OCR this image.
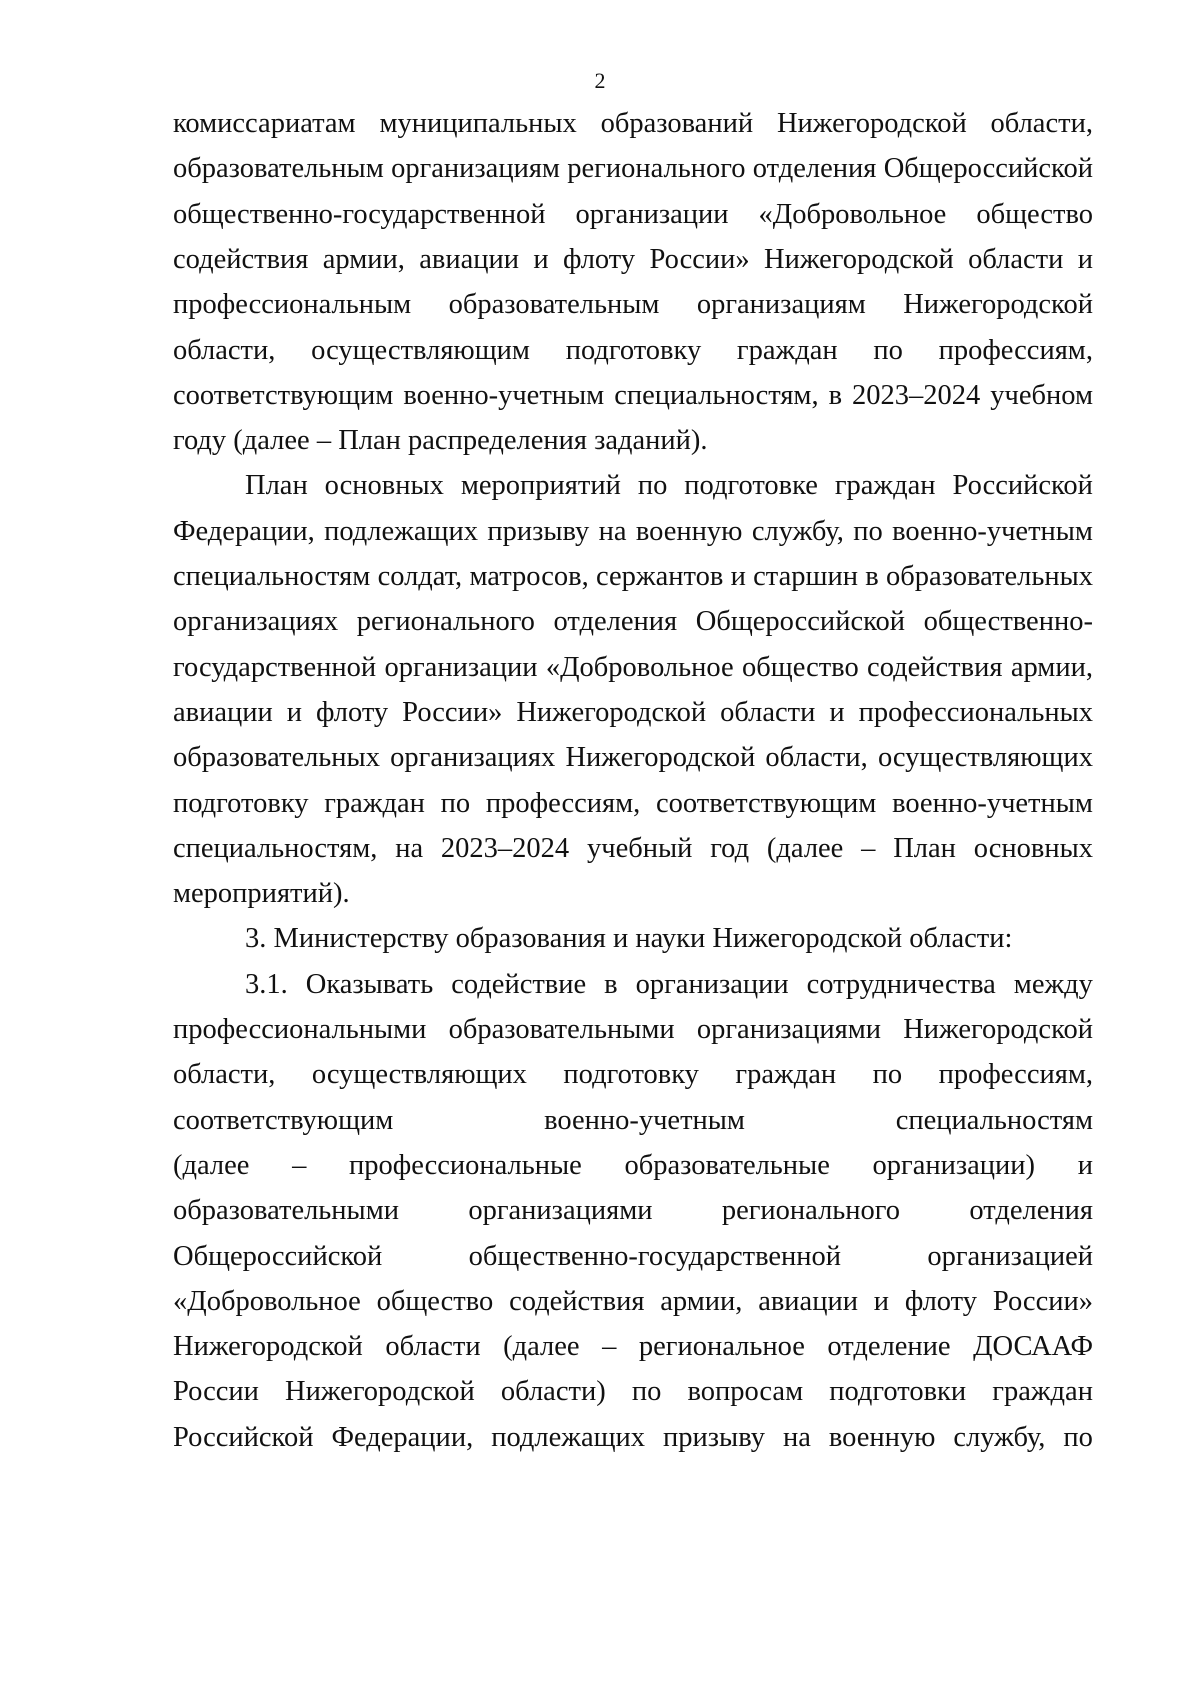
2
комиссариатам муниципальных образований Нижегородской области,
образовательным организациям регионального отделения Общероссийской
общественно-государственной организации «Добровольное общество
содействия армии, авиации и флоту России» Нижегородской области и
профессиональным образовательным организациям Нижегородской
области, осуществляющим подготовку граждан по профессиям,
соответствующим военно-учетным специальностям, в 2023–2024 учебном
году (далее – План распределения заданий).
План основных мероприятий по подготовке граждан Российской
Федерации, подлежащих призыву на военную службу, по военно-учетным
специальностям солдат, матросов, сержантов и старшин в образовательных
организациях регионального отделения Общероссийской общественно-
государственной организации «Добровольное общество содействия армии,
авиации и флоту России» Нижегородской области и профессиональных
образовательных организациях Нижегородской области, осуществляющих
подготовку граждан по профессиям, соответствующим военно-учетным
специальностям, на 2023–2024 учебный год (далее – План основных
мероприятий).
3. Министерству образования и науки Нижегородской области:
3.1. Оказывать содействие в организации сотрудничества между
профессиональными образовательными организациями Нижегородской
области, осуществляющих подготовку граждан по профессиям,
соответствующим	военно-учетным	специальностям
(далее – профессиональные образовательные организации) и
образовательными организациями регионального отделения
Общероссийской	общественно-государственной	организацией
«Добровольное общество содействия армии, авиации и флоту России»
Нижегородской области (далее – региональное отделение ДОСААФ
России Нижегородской области) по вопросам подготовки граждан
Российской Федерации, подлежащих призыву на военную службу, по
